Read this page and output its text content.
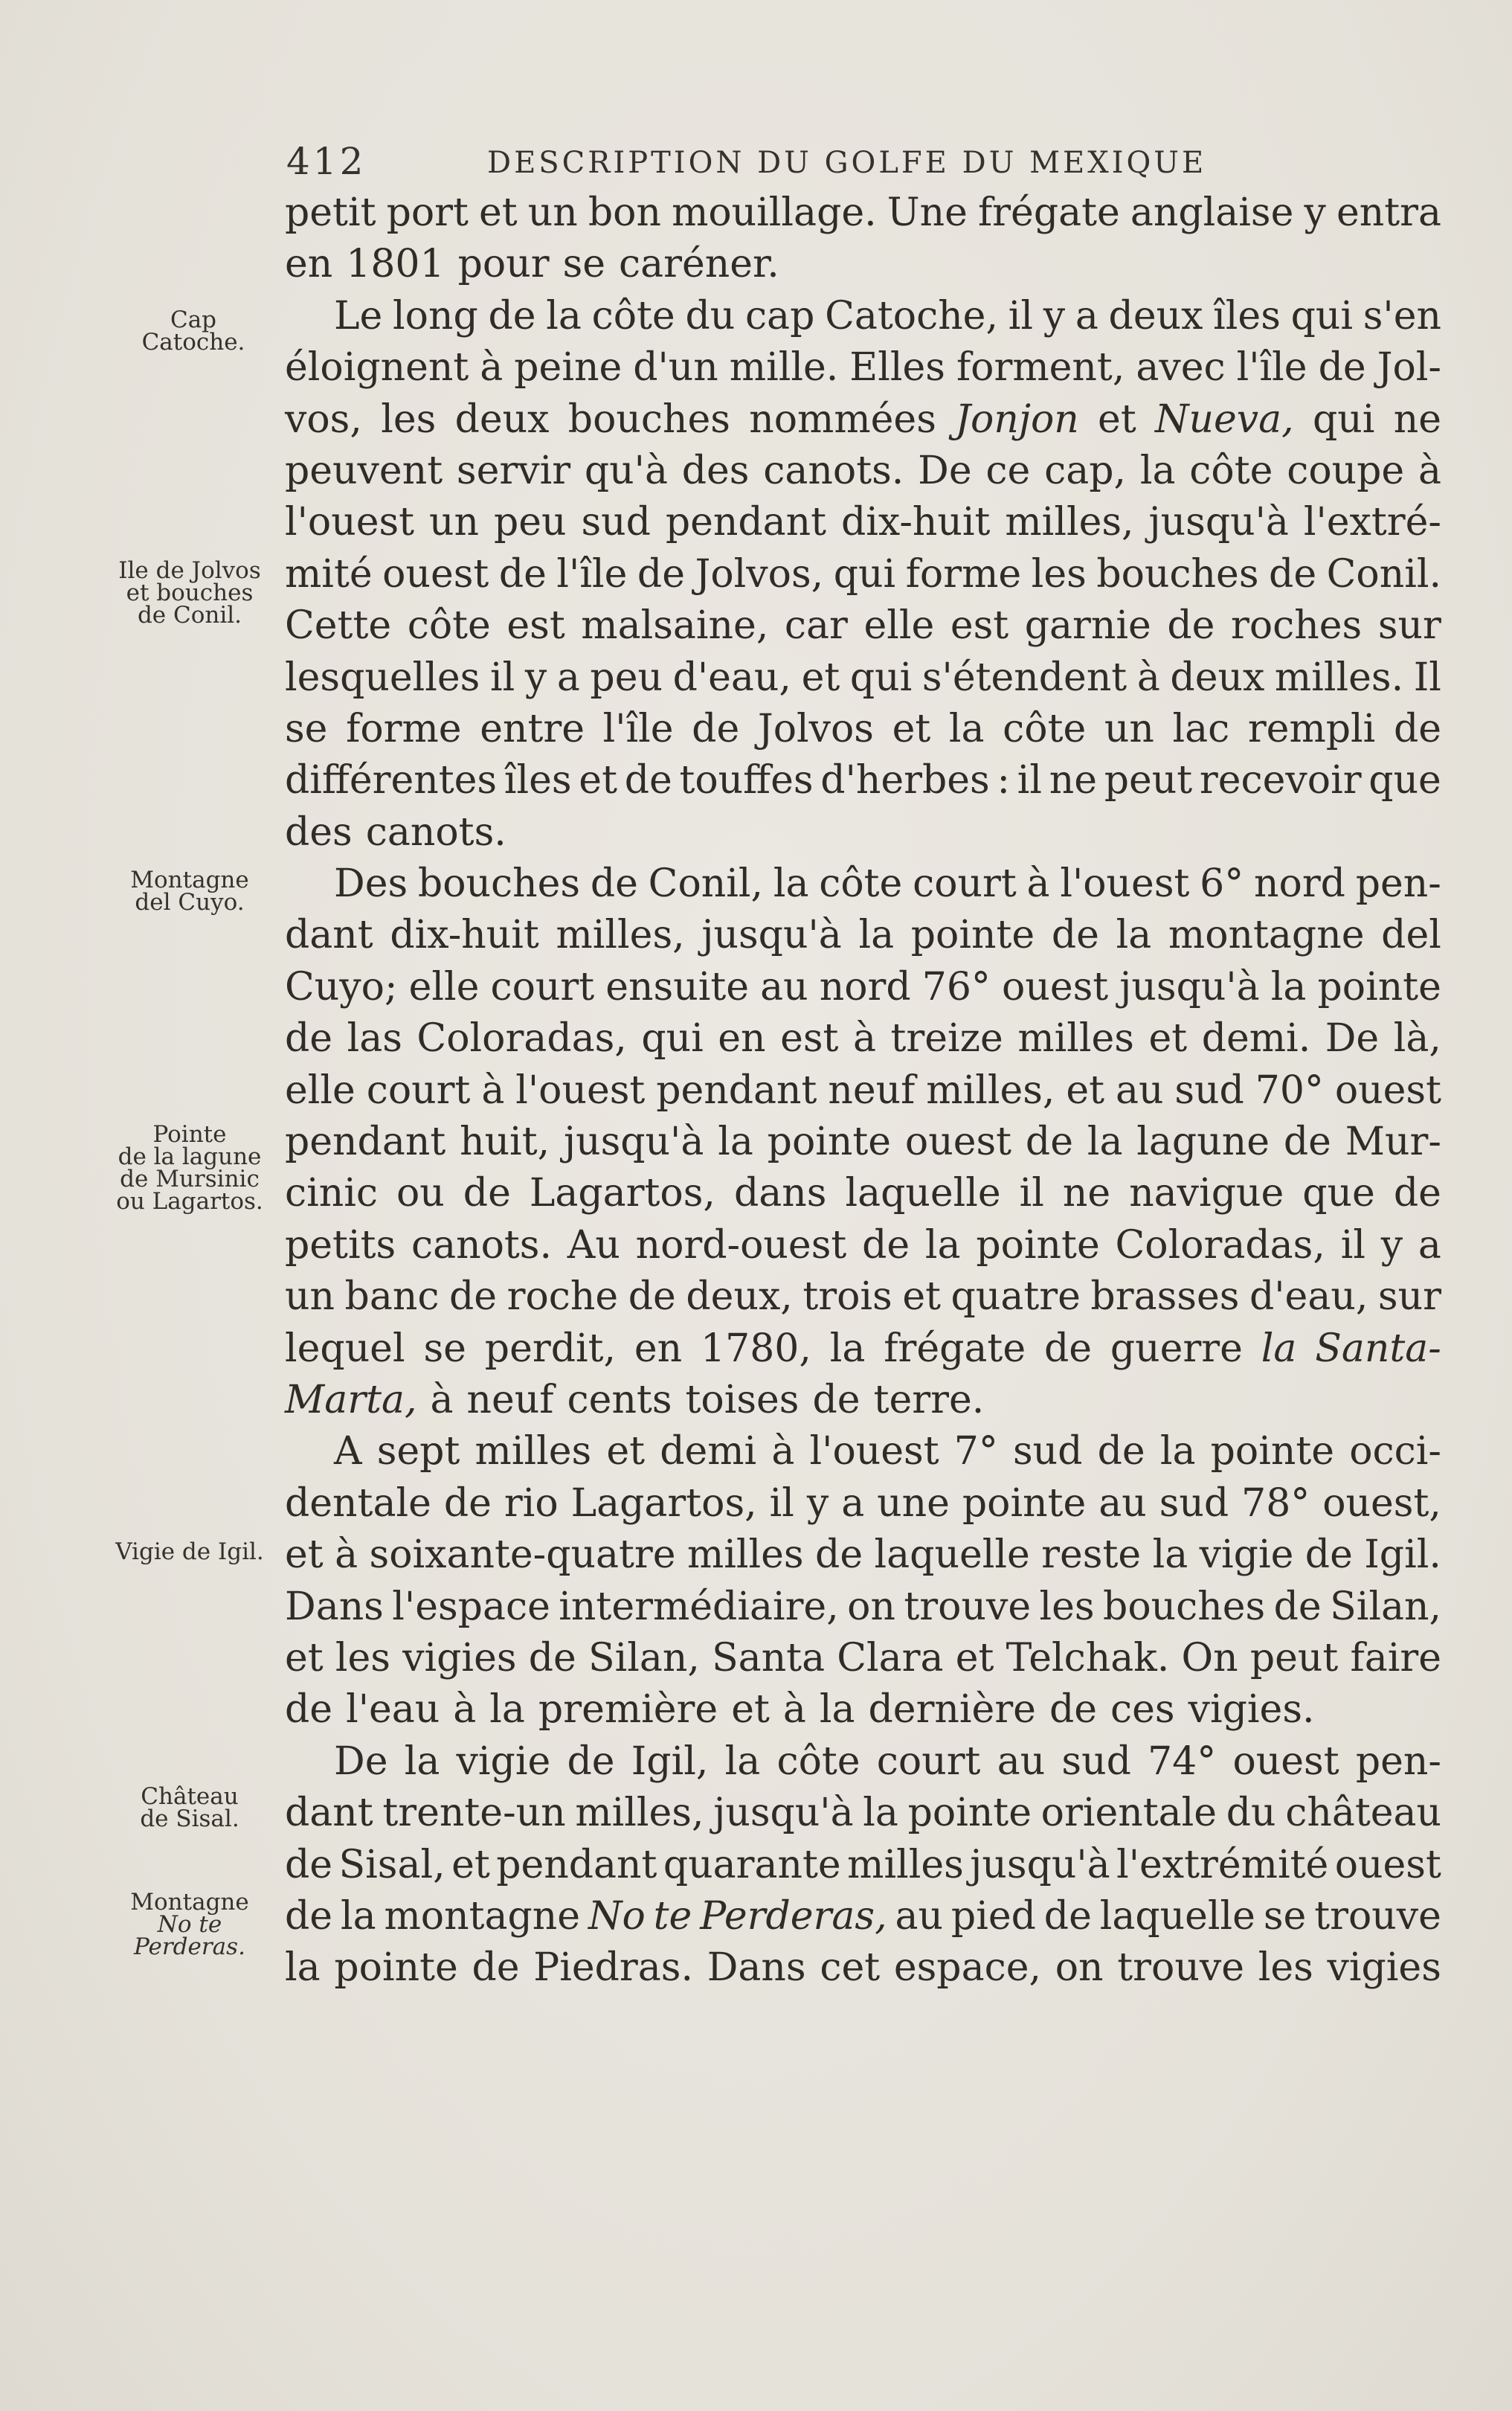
412	DESCRIPTION DU GOLFE DU MEXIQUE
Cap
Catoche.
Ile de Jolvos
et bouches
de Conil.
Montagne
del Cuyo.
Pointe
de la lagune
de Mursinic
ou Lagartos.
Vigie de Igil.
Château
de Sisal.
Montagne
No te
Perderas.
petit port et un bon mouillage. Une frégate anglaise y entra
en 1801 pour se caréner.
Le long de la côte du cap Catoche, il y a deux îles qui s'en
éloignent à peine d'un mille. Elles forment, avec l'île de Jol-
vos, les deux bouches nommées Jonjon et Nueva, qui ne
peuvent servir qu'à des canots. De ce cap, la côte coupe à
l'ouest un peu sud pendant dix-huit milles, jusqu'à l'extré-
mité ouest de l'île de Jolvos, qui forme les bouches de Conil.
Cette côte est malsaine, car elle est garnie de roches sur
lesquelles il y a peu d'eau, et qui s'étendent à deux milles. Il
se forme entre l'île de Jolvos et la côte un lac rempli de
différentes îles et de touffes d'herbes : il ne peut recevoir que
des canots.
Des bouches de Conil, la côte court à l'ouest 6° nord pen-
dant dix-huit milles, jusqu'à la pointe de la montagne del
Cuyo; elle court ensuite au nord 76° ouest jusqu'à la pointe
de las Coloradas, qui en est à treize milles et demi. De là,
elle court à l'ouest pendant neuf milles, et au sud 70° ouest
pendant huit, jusqu'à la pointe ouest de la lagune de Mur-
cinic ou de Lagartos, dans laquelle il ne navigue que de
petits canots. Au nord-ouest de la pointe Coloradas, il y a
un banc de roche de deux, trois et quatre brasses d'eau, sur
lequel se perdit, en 1780, la frégate de guerre la Santa-
Marta, à neuf cents toises de terre.
A sept milles et demi à l'ouest 7° sud de la pointe occi-
dentale de rio Lagartos, il y a une pointe au sud 78° ouest,
et à soixante-quatre milles de laquelle reste la vigie de Igil.
Dans l'espace intermédiaire, on trouve les bouches de Silan,
et les vigies de Silan, Santa Clara et Telchak. On peut faire
de l'eau à la première et à la dernière de ces vigies.
De la vigie de Igil, la côte court au sud 74° ouest pen-
dant trente-un milles, jusqu'à la pointe orientale du château
de Sisal, et pendant quarante milles jusqu'à l'extrémité ouest
de la montagne No te Perderas, au pied de laquelle se trouve
la pointe de Piedras. Dans cet espace, on trouve les vigies
